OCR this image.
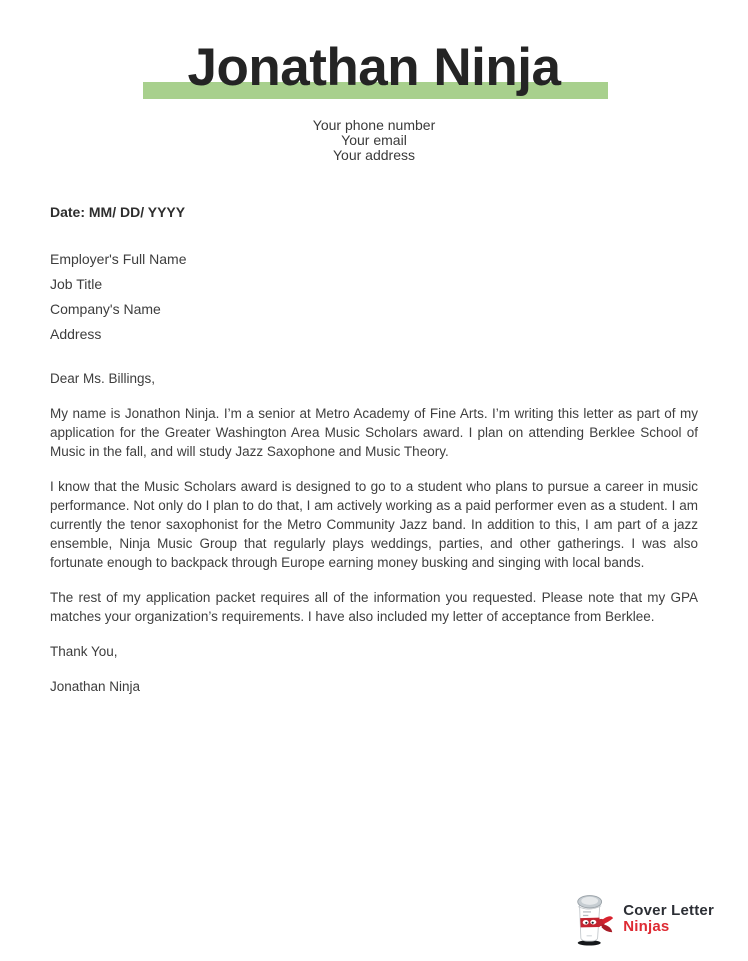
Jonathan Ninja
Your phone number
Your email
Your address

Date: MM/ DD/ YYYY

Employer's Full Name

Job Title

Company's Name

Address

Dear Ms. Billings,

My name is Jonathon Ninja. I’m a senior at Metro Academy of Fine Arts. I’m writing this letter as part of my application for the Greater Washington Area Music Scholars award. I plan on attending Berklee School of Music in the fall, and will study Jazz Saxophone and Music Theory.

I know that the Music Scholars award is designed to go to a student who plans to pursue a career in music performance. Not only do I plan to do that, I am actively working as a paid performer even as a student. I am currently the tenor saxophonist for the Metro Community Jazz band. In addition to this, I am part of a jazz ensemble, Ninja Music Group that regularly plays weddings, parties, and other gatherings. I was also fortunate enough to backpack through Europe earning money busking and singing with local bands.

The rest of my application packet requires all of the information you requested. Please note that my GPA matches your organization’s requirements. I have also included my letter of acceptance from Berklee.

Thank You,

Jonathan Ninja

Cover Letter
Ninjas
